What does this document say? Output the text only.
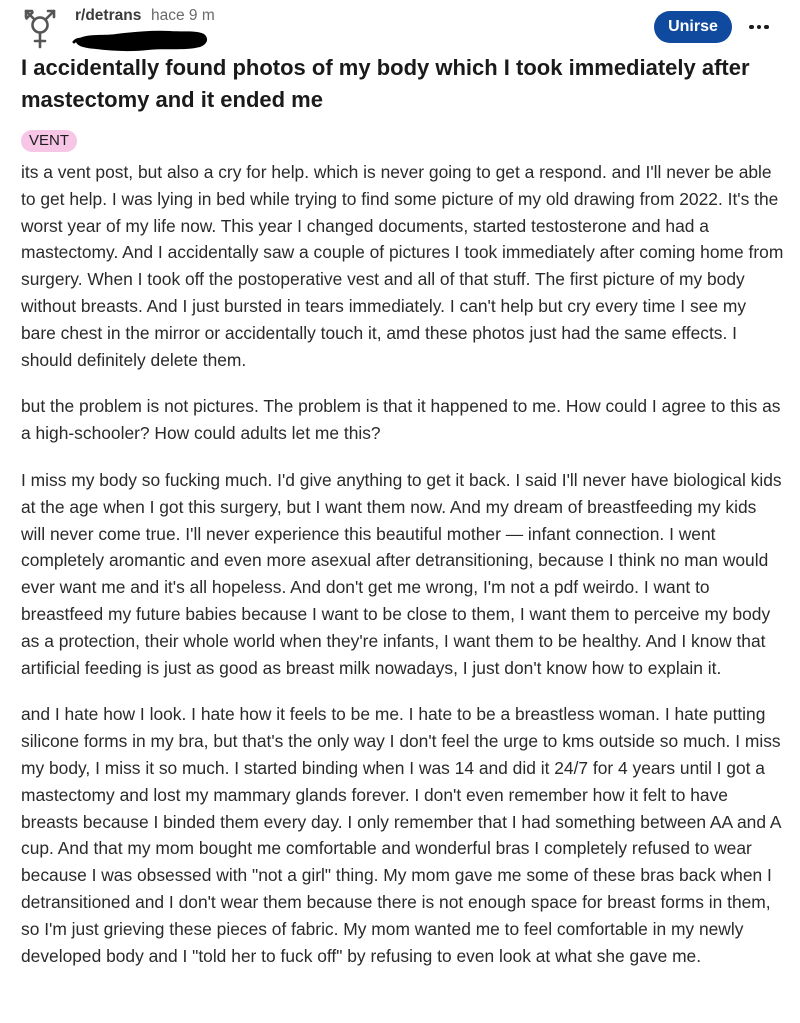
r/detrans hace 9 m
Unirse
I accidentally found photos of my body which I took immediately after mastectomy and it ended me
VENT

its a vent post, but also a cry for help. which is never going to get a respond. and I'll never be able to get help. I was lying in bed while trying to find some picture of my old drawing from 2022. It's the worst year of my life now. This year I changed documents, started testosterone and had a mastectomy. And I accidentally saw a couple of pictures I took immediately after coming home from surgery. When I took off the postoperative vest and all of that stuff. The first picture of my body without breasts. And I just bursted in tears immediately. I can't help but cry every time I see my bare chest in the mirror or accidentally touch it, amd these photos just had the same effects. I should definitely delete them.

but the problem is not pictures. The problem is that it happened to me. How could I agree to this as a high-schooler? How could adults let me this?

I miss my body so fucking much. I'd give anything to get it back. I said I'll never have biological kids at the age when I got this surgery, but I want them now. And my dream of breastfeeding my kids will never come true. I'll never experience this beautiful mother — infant connection. I went completely aromantic and even more asexual after detransitioning, because I think no man would ever want me and it's all hopeless. And don't get me wrong, I'm not a pdf weirdo. I want to breastfeed my future babies because I want to be close to them, I want them to perceive my body as a protection, their whole world when they're infants, I want them to be healthy. And I know that artificial feeding is just as good as breast milk nowadays, I just don't know how to explain it.

and I hate how I look. I hate how it feels to be me. I hate to be a breastless woman. I hate putting silicone forms in my bra, but that's the only way I don't feel the urge to kms outside so much. I miss my body, I miss it so much. I started binding when I was 14 and did it 24/7 for 4 years until I got a mastectomy and lost my mammary glands forever. I don't even remember how it felt to have breasts because I binded them every day. I only remember that I had something between AA and A cup. And that my mom bought me comfortable and wonderful bras I completely refused to wear because I was obsessed with "not a girl" thing. My mom gave me some of these bras back when I detransitioned and I don't wear them because there is not enough space for breast forms in them, so I'm just grieving these pieces of fabric. My mom wanted me to feel comfortable in my newly developed body and I "told her to fuck off" by refusing to even look at what she gave me.
